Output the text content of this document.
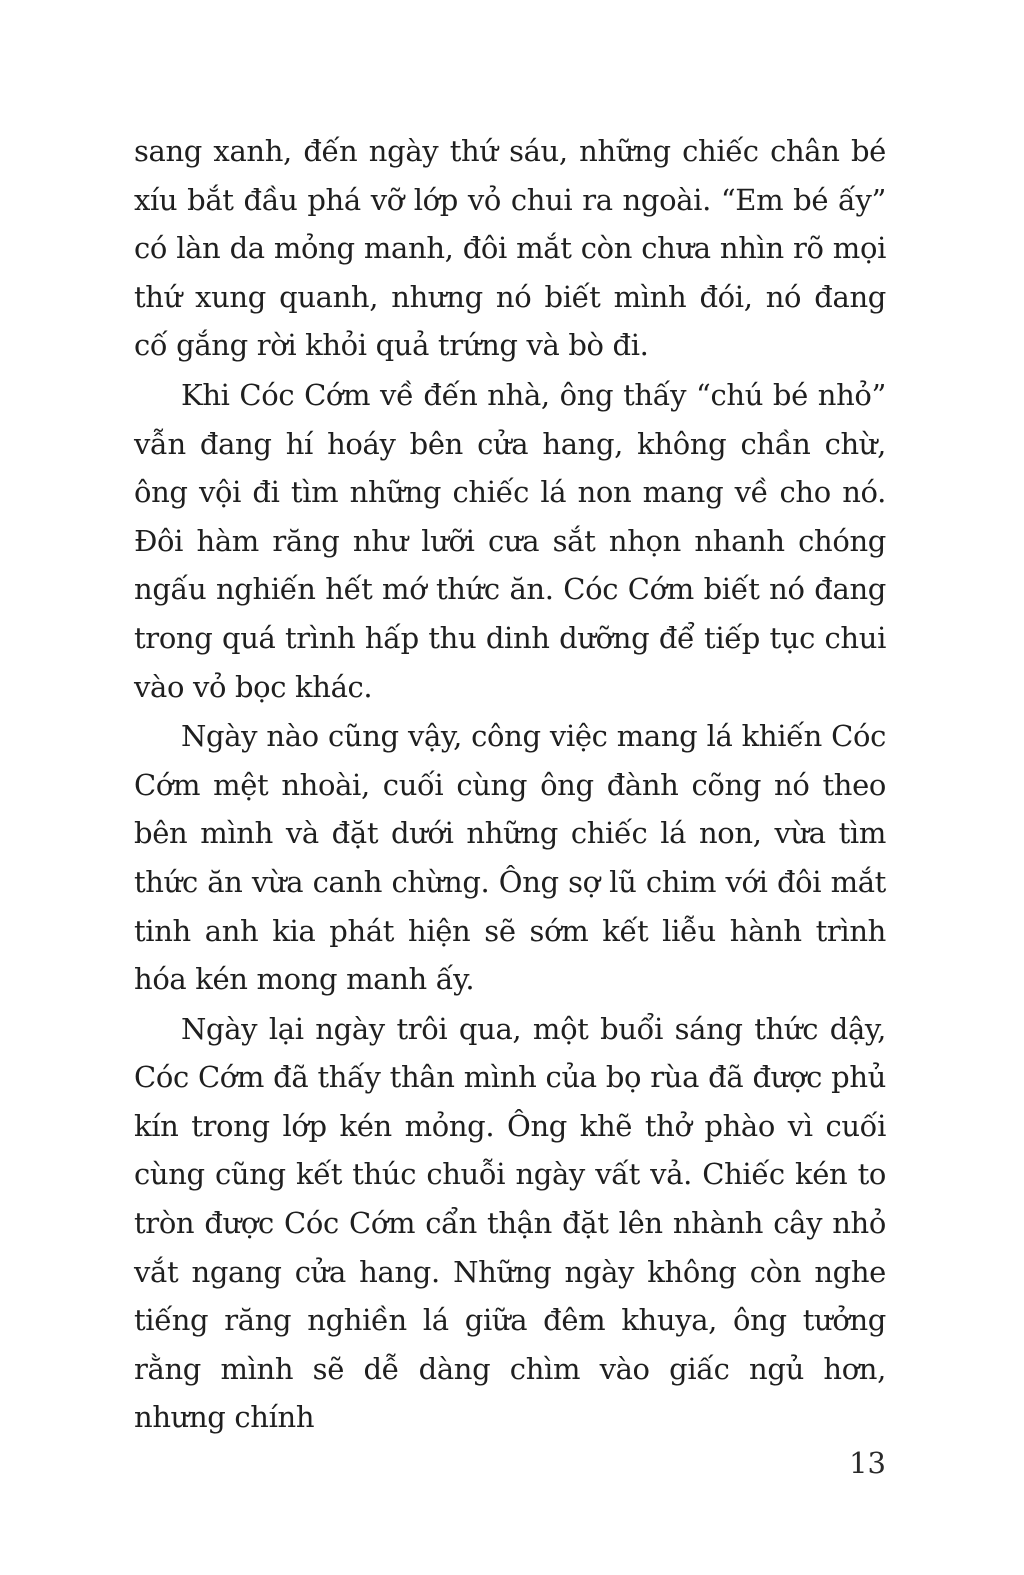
sang xanh, đến ngày thứ sáu, những chiếc chân bé xíu bắt đầu phá vỡ lớp vỏ chui ra ngoài. “Em bé ấy” có làn da mỏng manh, đôi mắt còn chưa nhìn rõ mọi thứ xung quanh, nhưng nó biết mình đói, nó đang cố gắng rời khỏi quả trứng và bò đi.

Khi Cóc Cớm về đến nhà, ông thấy “chú bé nhỏ” vẫn đang hí hoáy bên cửa hang, không chần chừ, ông vội đi tìm những chiếc lá non mang về cho nó. Đôi hàm răng như lưỡi cưa sắt nhọn nhanh chóng ngấu nghiến hết mớ thức ăn. Cóc Cớm biết nó đang trong quá trình hấp thu dinh dưỡng để tiếp tục chui vào vỏ bọc khác.

Ngày nào cũng vậy, công việc mang lá khiến Cóc Cớm mệt nhoài, cuối cùng ông đành cõng nó theo bên mình và đặt dưới những chiếc lá non, vừa tìm thức ăn vừa canh chừng. Ông sợ lũ chim với đôi mắt tinh anh kia phát hiện sẽ sớm kết liễu hành trình hóa kén mong manh ấy.

Ngày lại ngày trôi qua, một buổi sáng thức dậy, Cóc Cớm đã thấy thân mình của bọ rùa đã được phủ kín trong lớp kén mỏng. Ông khẽ thở phào vì cuối cùng cũng kết thúc chuỗi ngày vất vả. Chiếc kén to tròn được Cóc Cớm cẩn thận đặt lên nhành cây nhỏ vắt ngang cửa hang. Những ngày không còn nghe tiếng răng nghiền lá giữa đêm khuya, ông tưởng rằng mình sẽ dễ dàng chìm vào giấc ngủ hơn, nhưng chính

13
